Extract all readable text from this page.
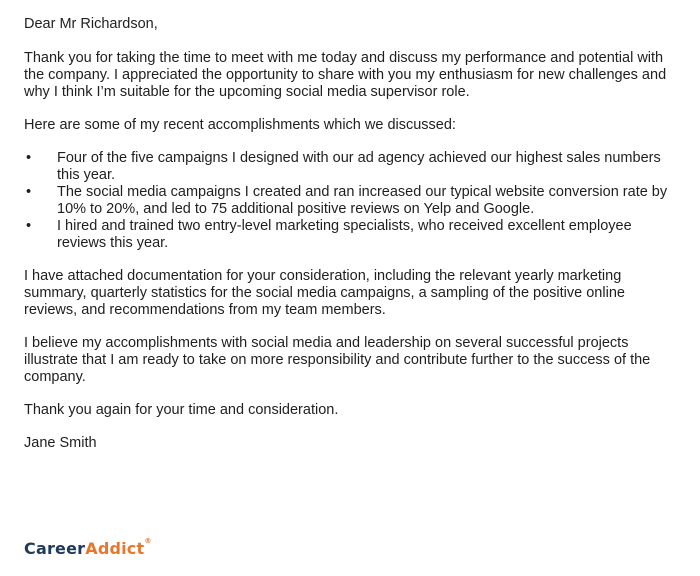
Dear Mr Richardson,

Thank you for taking the time to meet with me today and discuss my performance and potential with the company. I appreciated the opportunity to share with you my enthusiasm for new challenges and why I think I’m suitable for the upcoming social media supervisor role.

Here are some of my recent accomplishments which we discussed:

• Four of the five campaigns I designed with our ad agency achieved our highest sales numbers this year.
• The social media campaigns I created and ran increased our typical website conversion rate by 10% to 20%, and led to 75 additional positive reviews on Yelp and Google.
• I hired and trained two entry-level marketing specialists, who received excellent employee reviews this year.

I have attached documentation for your consideration, including the relevant yearly marketing summary, quarterly statistics for the social media campaigns, a sampling of the positive online reviews, and recommendations from my team members.

I believe my accomplishments with social media and leadership on several successful projects illustrate that I am ready to take on more responsibility and contribute further to the success of the company.

Thank you again for your time and consideration.

Jane Smith

CareerAddict®
